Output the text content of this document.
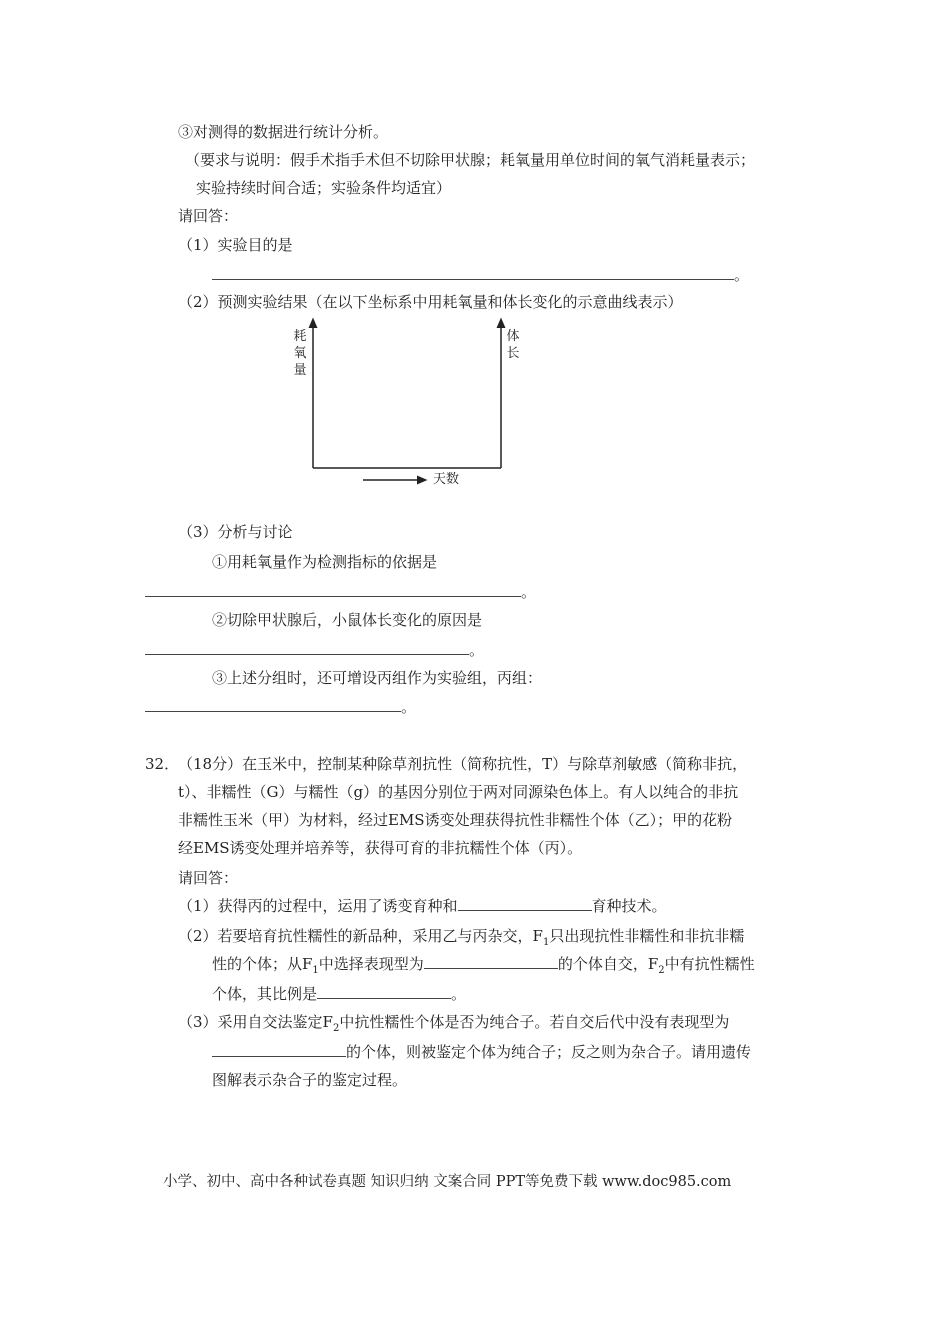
③对测得的数据进行统计分析。
（要求与说明：假手术指手术但不切除甲状腺；耗氧量用单位时间的氧气消耗量表示；
实验持续时间合适；实验条件均适宜）
请回答：
（1）实验目的是
。
（2）预测实验结果（在以下坐标系中用耗氧量和体长变化的示意曲线表示）
耗氧量
体长
天数
（3）分析与讨论
①用耗氧量作为检测指标的依据是
。
②切除甲状腺后，小鼠体长变化的原因是
。
③上述分组时，还可增设丙组作为实验组，丙组：
。
32．
（18分）在玉米中，控制某种除草剂抗性（简称抗性，T）与除草剂敏感（简称非抗，
t）、非糯性（G）与糯性（g）的基因分别位于两对同源染色体上。有人以纯合的非抗
非糯性玉米（甲）为材料，经过EMS诱变处理获得抗性非糯性个体（乙）；甲的花粉
经EMS诱变处理并培养等，获得可育的非抗糯性个体（丙）。
请回答：
（1）获得丙的过程中，运用了诱变育种和	育种技术。
（2）若要培育抗性糯性的新品种，采用乙与丙杂交，$F_1$只出现抗性非糯性和非抗非糯
性的个体；从$F_1$中选择表现型为	的个体自交，$F_2$中有抗性糯性
个体，其比例是	。
（3）采用自交法鉴定$F_2$中抗性糯性个体是否为纯合子。若自交后代中没有表现型为
的个体，则被鉴定个体为纯合子；反之则为杂合子。请用遗传
图解表示杂合子的鉴定过程。
小学、初中、高中各种试卷真题 知识归纳 文案合同 PPT等免费下载 www.doc985.com
